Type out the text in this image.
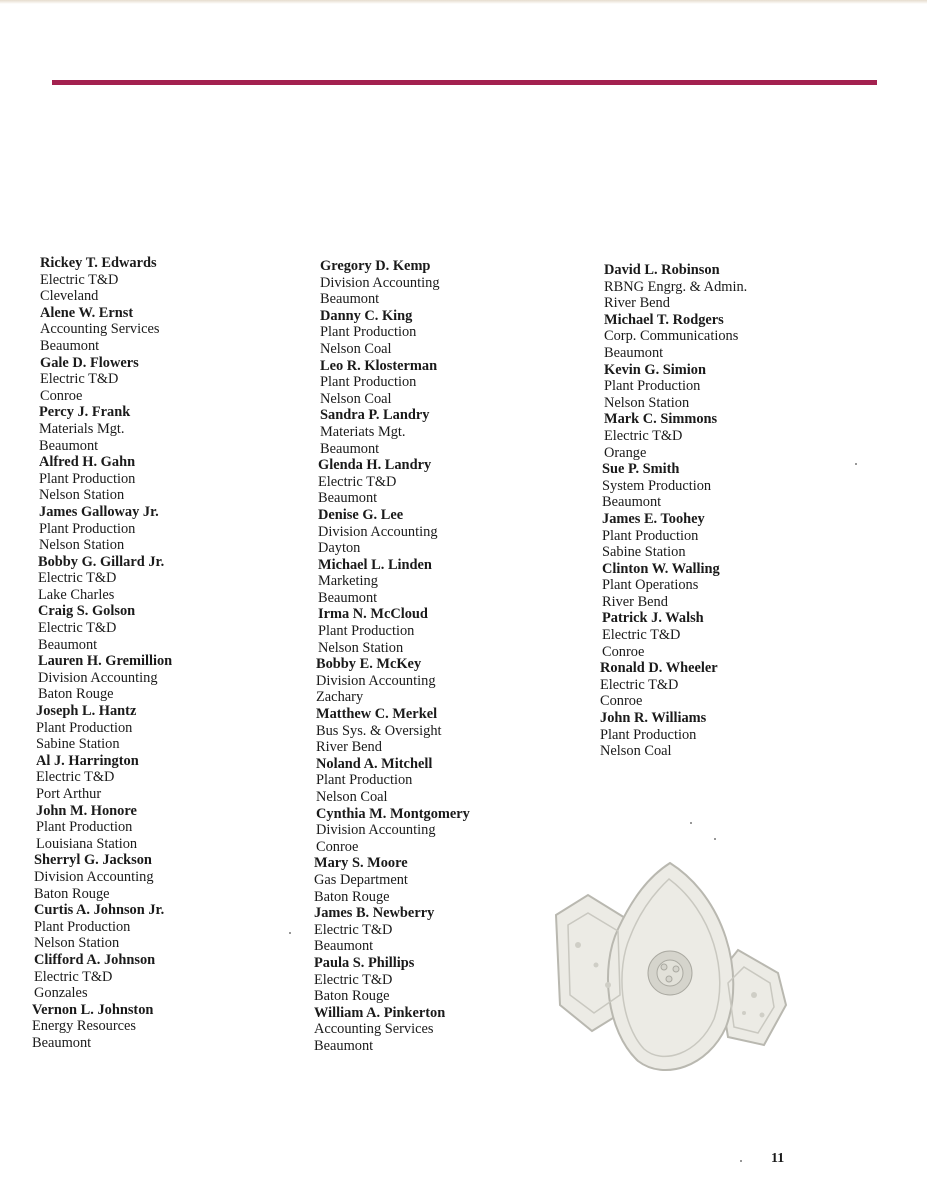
Rickey T. Edwards
Electric T&D
Cleveland
Alene W. Ernst
Accounting Services
Beaumont
Gale D. Flowers
Electric T&D
Conroe
Percy J. Frank
Materials Mgt.
Beaumont
Alfred H. Gahn
Plant Production
Nelson Station
James Galloway Jr.
Plant Production
Nelson Station
Bobby G. Gillard Jr.
Electric T&D
Lake Charles
Craig S. Golson
Electric T&D
Beaumont
Lauren H. Gremillion
Division Accounting
Baton Rouge
Joseph L. Hantz
Plant Production
Sabine Station
Al J. Harrington
Electric T&D
Port Arthur
John M. Honore
Plant Production
Louisiana Station
Sherryl G. Jackson
Division Accounting
Baton Rouge
Curtis A. Johnson Jr.
Plant Production
Nelson Station
Clifford A. Johnson
Electric T&D
Gonzales
Vernon L. Johnston
Energy Resources
Beaumont
Gregory D. Kemp
Division Accounting
Beaumont
Danny C. King
Plant Production
Nelson Coal
Leo R. Klosterman
Plant Production
Nelson Coal
Sandra P. Landry
Materiats Mgt.
Beaumont
Glenda H. Landry
Electric T&D
Beaumont
Denise G. Lee
Division Accounting
Dayton
Michael L. Linden
Marketing
Beaumont
Irma N. McCloud
Plant Production
Nelson Station
Bobby E. McKey
Division Accounting
Zachary
Matthew C. Merkel
Bus Sys. & Oversight
River Bend
Noland A. Mitchell
Plant Production
Nelson Coal
Cynthia M. Montgomery
Division Accounting
Conroe
Mary S. Moore
Gas Department
Baton Rouge
James B. Newberry
Electric T&D
Beaumont
Paula S. Phillips
Electric T&D
Baton Rouge
William A. Pinkerton
Accounting Services
Beaumont
David L. Robinson
RBNG Engrg. & Admin.
River Bend
Michael T. Rodgers
Corp. Communications
Beaumont
Kevin G. Simion
Plant Production
Nelson Station
Mark C. Simmons
Electric T&D
Orange
Sue P. Smith
System Production
Beaumont
James E. Toohey
Plant Production
Sabine Station
Clinton W. Walling
Plant Operations
River Bend
Patrick J. Walsh
Electric T&D
Conroe
Ronald D. Wheeler
Electric T&D
Conroe
John R. Williams
Plant Production
Nelson Coal
11
